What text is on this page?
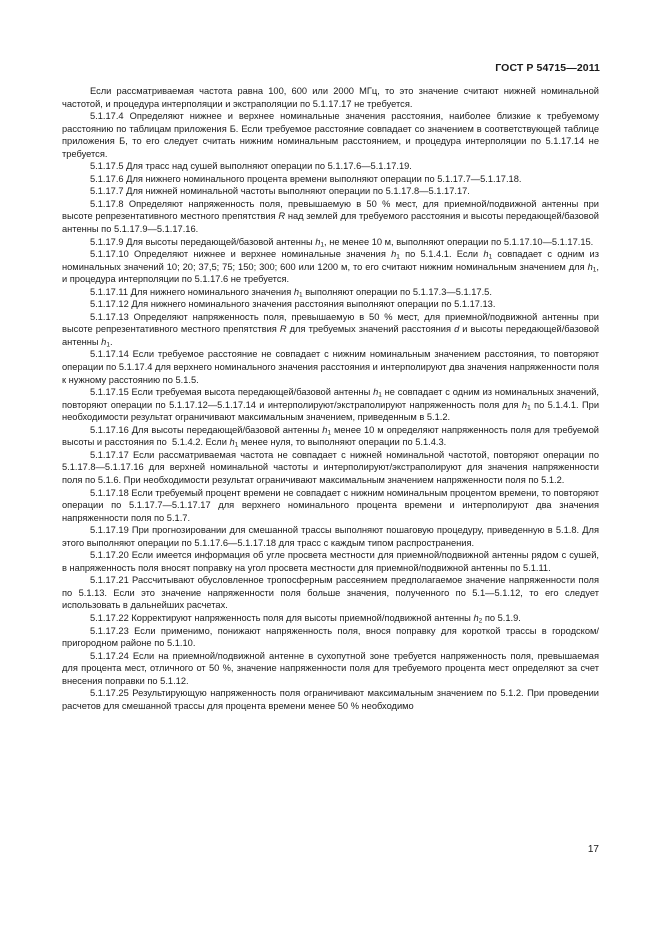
ГОСТ Р 54715—2011

Если рассматриваемая частота равна 100, 600 или 2000 МГц, то это значение считают нижней номинальной частотой, и процедура интерполяции и экстраполяции по 5.1.17.17 не требуется.

5.1.17.4 Определяют нижнее и верхнее номинальные значения расстояния, наиболее близкие к требуемому расстоянию по таблицам приложения Б. Если требуемое расстояние совпадает со значением в соответствующей таблице приложения Б, то его следует считать нижним номинальным расстоянием, и процедура интерполяции по 5.1.17.14 не требуется.

5.1.17.5 Для трасс над сушей выполняют операции по 5.1.17.6—5.1.17.19.

5.1.17.6 Для нижнего номинального процента времени выполняют операции по 5.1.17.7—5.1.17.18.

5.1.17.7 Для нижней номинальной частоты выполняют операции по 5.1.17.8—5.1.17.17.

5.1.17.8 Определяют напряженность поля, превышаемую в 50 % мест, для приемной/подвижной антенны при высоте репрезентативного местного препятствия R над землей для требуемого расстояния и высоты передающей/базовой антенны по 5.1.17.9—5.1.17.16.

5.1.17.9 Для высоты передающей/базовой антенны $h_1$, не менее 10 м, выполняют операции по 5.1.17.10—5.1.17.15.

5.1.17.10 Определяют нижнее и верхнее номинальные значения $h_1$ по 5.1.4.1. Если $h_1$ совпадает с одним из номинальных значений 10; 20; 37,5; 75; 150; 300; 600 или 1200 м, то его считают нижним номинальным значением для $h_1$, и процедура интерполяции по 5.1.17.6 не требуется.

5.1.17.11 Для нижнего номинального значения $h_1$ выполняют операции по 5.1.17.3—5.1.17.5.

5.1.17.12 Для нижнего номинального значения расстояния выполняют операции по 5.1.17.13.

5.1.17.13 Определяют напряженность поля, превышаемую в 50 % мест, для приемной/подвижной антенны при высоте репрезентативного местного препятствия R для требуемых значений расстояния d и высоты передающей/базовой антенны $h_1$.

5.1.17.14 Если требуемое расстояние не совпадает с нижним номинальным значением расстояния, то повторяют операции по 5.1.17.4 для верхнего номинального значения расстояния и интерполируют два значения напряженности поля к нужному расстоянию по 5.1.5.

5.1.17.15 Если требуемая высота передающей/базовой антенны $h_1$ не совпадает с одним из номинальных значений, повторяют операции по 5.1.17.12—5.1.17.14 и интерполируют/экстраполируют напряженность поля для $h_1$ по 5.1.4.1. При необходимости результат ограничивают максимальным значением, приведенным в 5.1.2.

5.1.17.16 Для высоты передающей/базовой антенны $h_1$ менее 10 м определяют напряженность поля для требуемой высоты и расстояния по  5.1.4.2. Если $h_1$ менее нуля, то выполняют операции по 5.1.4.3.

5.1.17.17 Если рассматриваемая частота не совпадает с нижней номинальной частотой, повторяют операции по 5.1.17.8—5.1.17.16 для верхней номинальной частоты и интерполируют/экстраполируют для значения напряженности поля по 5.1.6. При необходимости результат ограничивают максимальным значением напряженности поля по 5.1.2.

5.1.17.18 Если требуемый процент времени не совпадает с нижним номинальным процентом времени, то повторяют операции по 5.1.17.7—5.1.17.17 для верхнего номинального процента времени и интерполируют два значения напряженности поля по 5.1.7.

5.1.17.19 При прогнозировании для смешанной трассы выполняют пошаговую процедуру, приведенную в 5.1.8. Для этого выполняют операции по 5.1.17.6—5.1.17.18 для трасс с каждым типом распространения.

5.1.17.20 Если имеется информация об угле просвета местности для приемной/подвижной антенны рядом с сушей, в напряженность поля вносят поправку на угол просвета местности для приемной/подвижной антенны по 5.1.11.

5.1.17.21 Рассчитывают обусловленное тропосферным рассеянием предполагаемое значение напряженности поля по 5.1.13. Если это значение напряженности поля больше значения, полученного по 5.1—5.1.12, то его следует использовать в дальнейших расчетах.

5.1.17.22 Корректируют напряженность поля для высоты приемной/подвижной антенны $h_2$ по 5.1.9.

5.1.17.23 Если применимо, понижают напряженность поля, внося поправку для короткой трассы в городском/пригородном районе по 5.1.10.

5.1.17.24 Если на приемной/подвижной антенне в сухопутной зоне требуется напряженность поля, превышаемая для процента мест, отличного от 50 %, значение напряженности поля для требуемого процента мест определяют за счет внесения поправки по 5.1.12.

5.1.17.25 Результирующую напряженность поля ограничивают максимальным значением по 5.1.2. При проведении расчетов для смешанной трассы для процента времени менее 50 % необходимо

17
